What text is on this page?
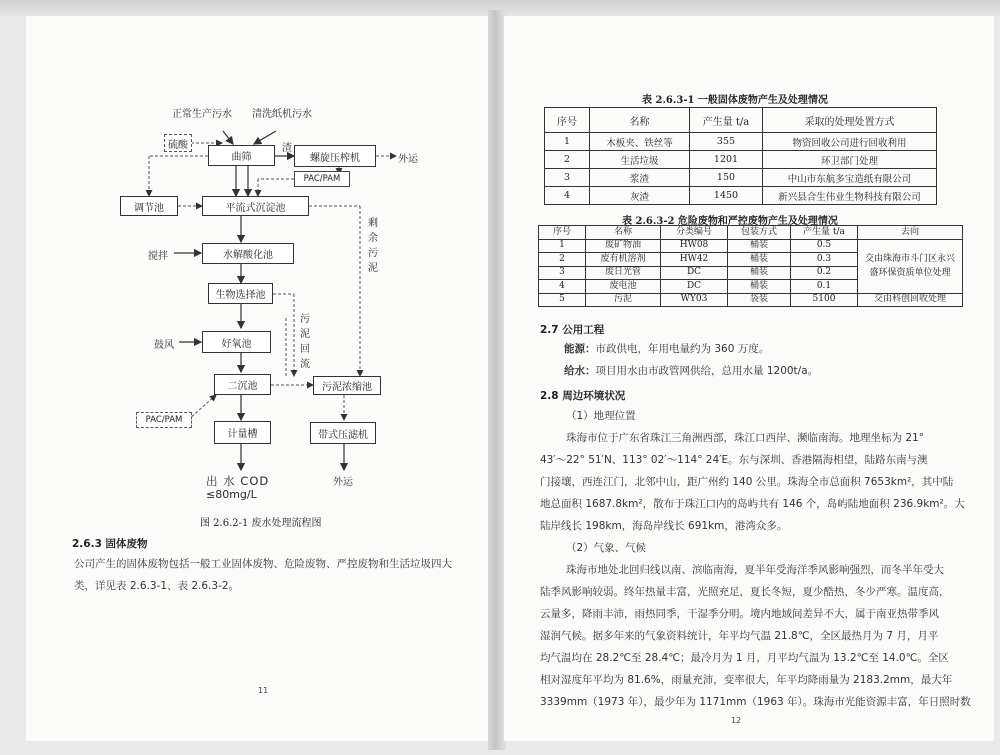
正常生产污水 清洗纸机污水
硫酸
曲筛
渣
螺旋压榨机	外运
PAC/PAM
调节池	平流式沉淀池
剩余污泥
搅拌	水解酸化池
生物选择池
污泥回流
鼓风	好氧池
二沉池	污泥浓缩池
PAC/PAM
计量槽	带式压滤机
出 水 COD
≤80mg/L
外运
图 2.6.2-1 废水处理流程图
2.6.3 固体废物
公司产生的固体废物包括一般工业固体废物、危险废物、严控废物和生活垃圾四大
类，详见表 2.6.3-1、表 2.6.3-2。
11
表 2.6.3-1 一般固体废物产生及处理情况
序号	名称	产生量 t/a	采取的处理处置方式
1	木板夹、铁丝等	355	物资回收公司进行回收利用
2	生活垃圾	1201	环卫部门处理
3	浆渣	150	中山市东航多宝造纸有限公司
4	灰渣	1450	新兴县合生伟业生物科技有限公司
表 2.6.3-2 危险废物和严控废物产生及处理情况
序号	名称	分类编号	包装方式	产生量 t/a	去向
1	废矿物油	HW08	桶装	0.5	交由珠海市斗门区永兴
盛环保资质单位处理

2	废有机溶剂	HW42	桶装	0.3	
3	废日光管	DC	桶装	0.2	
4	废电池	DC	桶装	0.1	
5	污泥	WY03	袋装	5100	交由科创回收处理
2.7 公用工程
能源：市政供电，年用电量约为 360 万度。
给水：项目用水由市政管网供给，总用水量 1200t/a。
2.8 周边环境状况
（1）地理位置
珠海市位于广东省珠江三角洲西部，珠江口西岸、濒临南海。地理坐标为 21°
43′～22° 51′N、113° 02′～114° 24′E。东与深圳、香港隔海相望，陆路东南与澳
门接壤，西连江门，北邻中山，距广州约 140 公里。珠海全市总面积 7653km²，其中陆
地总面积 1687.8km²，散布于珠江口内的岛屿共有 146 个，岛屿陆地面积 236.9km²。大
陆岸线长 198km，海岛岸线长 691km，港湾众多。
（2）气象、气候
珠海市地处北回归线以南、滨临南海，夏半年受海洋季风影响强烈，而冬半年受大
陆季风影响较弱。终年热量丰富，光照充足，夏长冬短，夏少酷热，冬少严寒。温度高，
云量多，降雨丰沛，雨热同季，干湿季分明。境内地域间差异不大，属于南亚热带季风
湿润气候。据多年来的气象资料统计，年平均气温 21.8℃，全区最热月为 7 月，月平
均气温均在 28.2℃至 28.4℃；最冷月为 1 月，月平均气温为 13.2℃至 14.0℃。全区
相对湿度年平均为 81.6%，雨量充沛，变率很大，年平均降雨量为 2183.2mm，最大年
3339mm（1973 年），最少年为 1171mm（1963 年）。珠海市光能资源丰富，年日照时数
12
